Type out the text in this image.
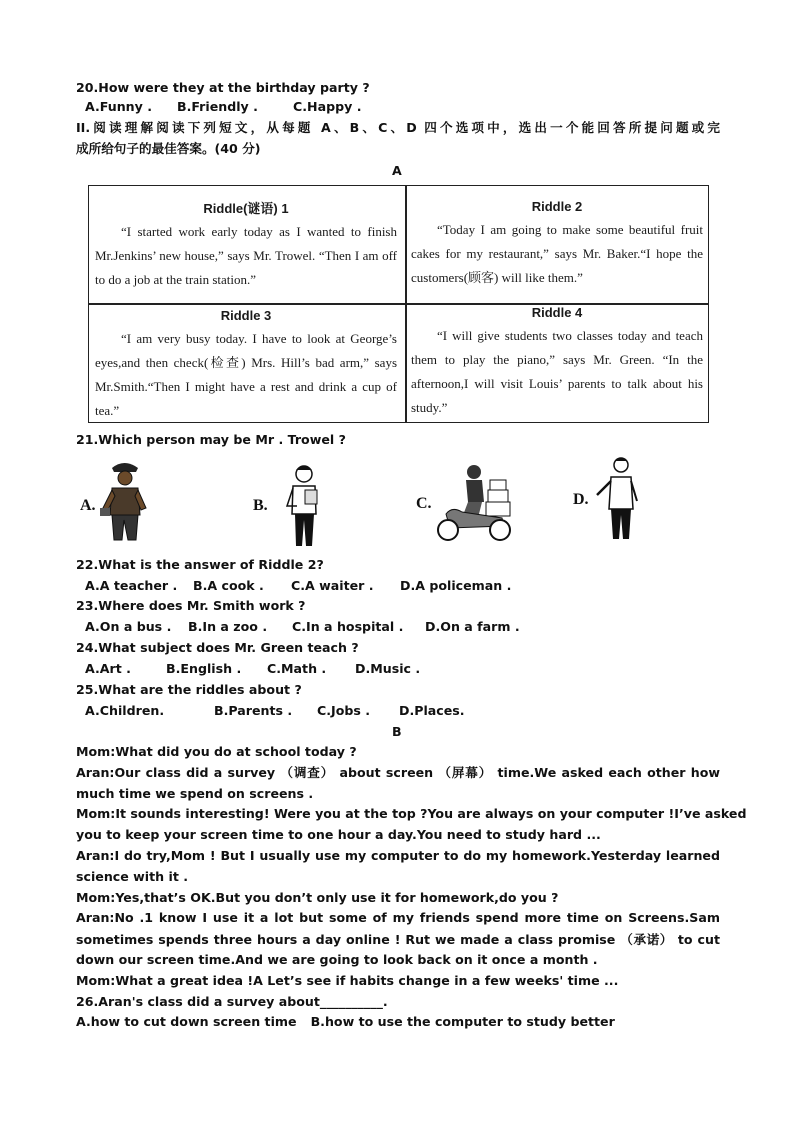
20.How were they at the birthday party ?
A.Funny . B.Friendly .	C.Happy .
II.阅读理解阅读下列短文，从每题 A、B、C、D 四个选项中，选出一个能回答所提问题或完
成所给句子的最佳答案。(40 分)
A
Riddle(谜语) 1

“I started work early today as I wanted to finish Mr.Jenkins’ new house,” says Mr. Trowel. “Then I am off to do a job at the train station.”

Riddle 2

“Today I am going to make some beautiful fruit cakes for my restaurant,” says Mr. Baker.“I hope the customers(顾客) will like them.”

Riddle 3

“I am very busy today. I have to look at George’s eyes,and then check(检查) Mrs. Hill’s bad arm,” says Mr.Smith.“Then I might have a rest and drink a cup of tea.”

Riddle 4

“I will give students two classes today and teach them to play the piano,” says Mr. Green. “In the afternoon,I will visit Louis’ parents to talk about his study.”

21.Which person may be Mr . Trowel ?
A.	B.	C.	D.
22.What is the answer of Riddle 2?
A.A teacher . B.A cook . C.A waiter . D.A policeman .
23.Where does Mr. Smith work ?
A.On a bus . B.In a zoo . C.In a hospital . D.On a farm .
24.What subject does Mr. Green teach ?
A.Art .	B.English . C.Math . D.Music .
25.What are the riddles about ?
A.Children.	B.Parents . C.Jobs . D.Places.
B
Mom:What did you do at school today ?
Aran:Our class did a survey （调查） about screen （屏幕） time.We asked each other how
much time we spend on screens .
Mom:It sounds interesting! Were you at the top ?You are always on your computer !I’ve asked
you to keep your screen time to one hour a day.You need to study hard ...
Aran:I do try,Mom ! But I usually use my computer to do my homework.Yesterday learned
science with it .
Mom:Yes,that’s OK.But you don’t only use it for homework,do you ?
Aran:No .1 know I use it a lot but some of my friends spend more time on Screens.Sam
sometimes spends three hours a day online ! Rut we made a class promise （承诺） to cut
down our screen time.And we are going to look back on it once a month .
Mom:What a great idea !A Let’s see if habits change in a few weeks' time ...
26.Aran's class did a survey about__________.
A.how to cut down screen time B.how to use the computer to study better
